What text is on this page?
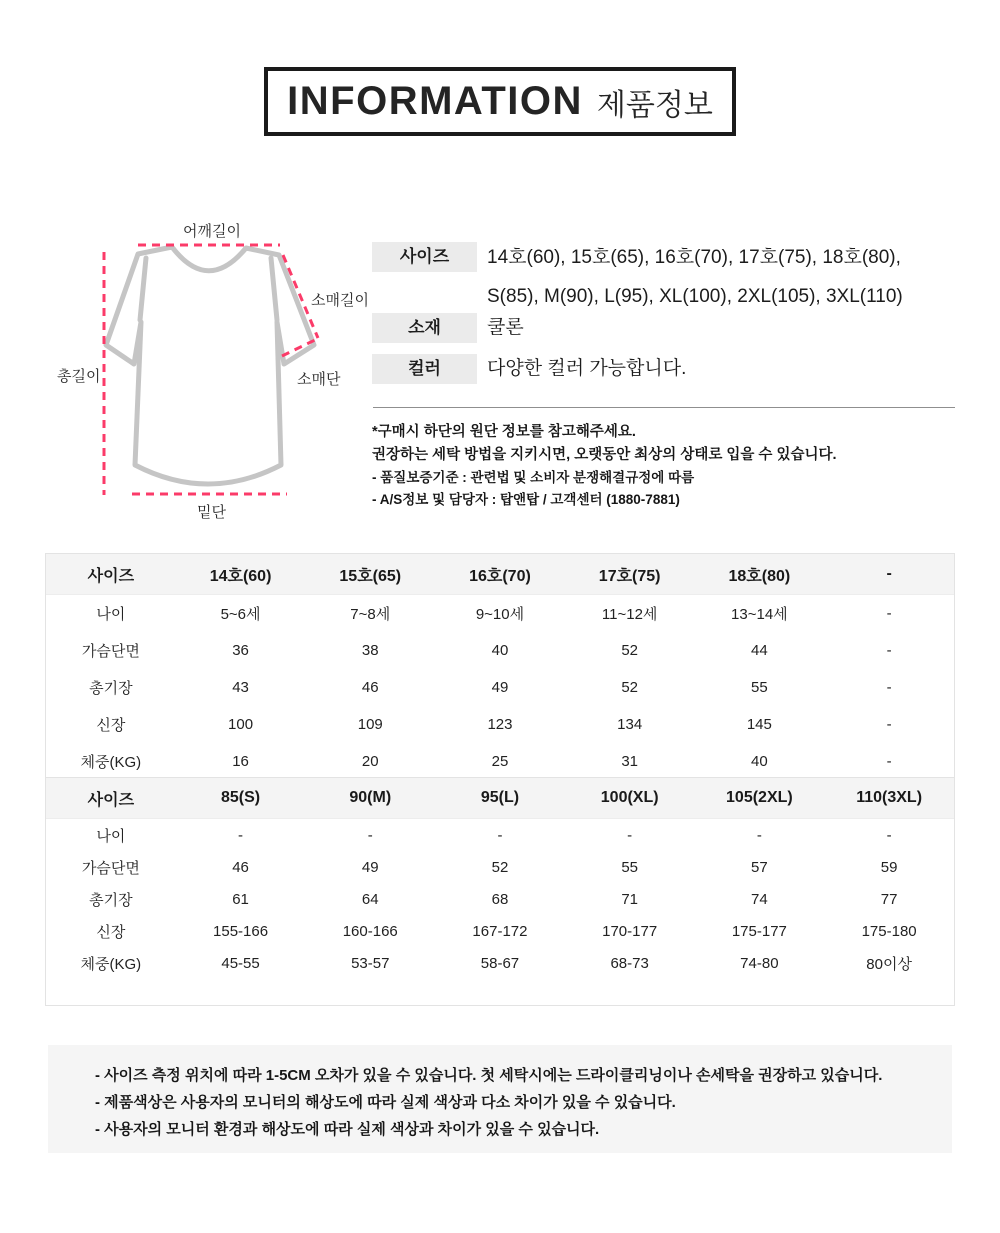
INFORMATION 제품정보
어깨길이
소매길이
소매단
총길이
밑단
사이즈	14호(60), 15호(65), 16호(70), 17호(75), 18호(80),
S(85), M(90), L(95), XL(100), 2XL(105), 3XL(110)
소재	쿨론
컬러	다양한 컬러 가능합니다.
*구매시 하단의 원단 정보를 참고해주세요.
권장하는 세탁 방법을 지키시면, 오랫동안 최상의 상태로 입을 수 있습니다.
- 품질보증기준 : 관련법 및 소비자 분쟁해결규정에 따름
- A/S정보 및 담당자 : 탑앤탑 / 고객센터 (1880-7881)
사이즈	14호(60)	15호(65)	16호(70)	17호(75)	18호(80)	-
나이	5~6세	7~8세	9~10세	11~12세	13~14세	-
가슴단면	36	38	40	52	44	-
총기장	43	46	49	52	55	-
신장	100	109	123	134	145	-
체중(KG)	16	20	25	31	40	-
사이즈	85(S)	90(M)	95(L)	100(XL)	105(2XL)	110(3XL)
나이	-	-	-	-	-	-
가슴단면	46	49	52	55	57	59
총기장	61	64	68	71	74	77
신장	155-166	160-166	167-172	170-177	175-177	175-180
체중(KG)	45-55	53-57	58-67	68-73	74-80	80이상
- 사이즈 측정 위치에 따라 1-5CM 오차가 있을 수 있습니다. 첫 세탁시에는 드라이클리닝이나 손세탁을 권장하고 있습니다.
- 제품색상은 사용자의 모니터의 해상도에 따라 실제 색상과 다소 차이가 있을 수 있습니다.
- 사용자의 모니터 환경과 해상도에 따라 실제 색상과 차이가 있을 수 있습니다.
